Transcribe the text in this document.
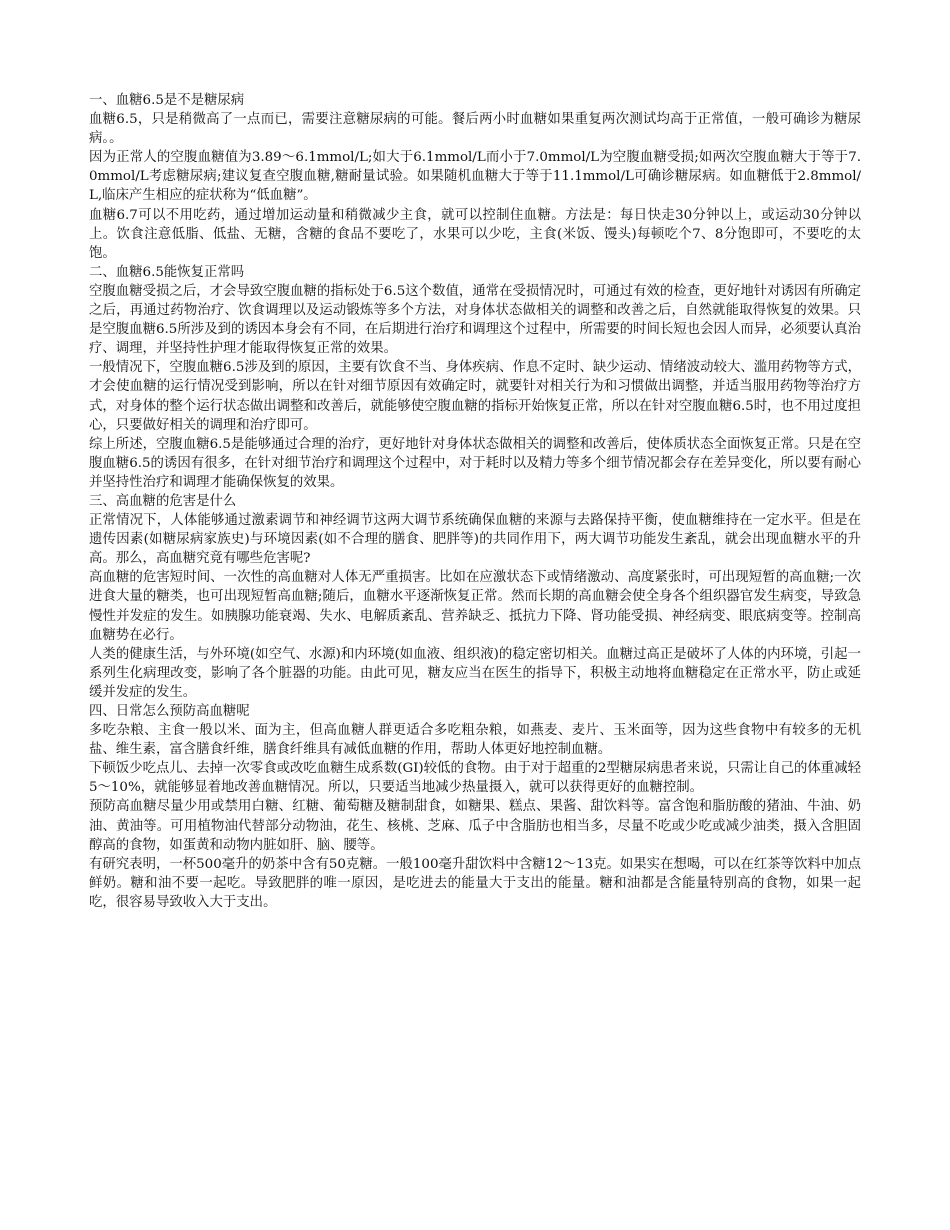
一、血糖6.5是不是糖尿病

血糖6.5，只是稍微高了一点而已，需要注意糖尿病的可能。餐后两小时血糖如果重复两次测试均高于正常值，一般可确诊为糖尿病。。

因为正常人的空腹血糖值为3.89～6.1mmol/L;如大于6.1mmol/L而小于7.0mmol/L为空腹血糖受损;如两次空腹血糖大于等于7.0mmol/L考虑糖尿病;建议复查空腹血糖,糖耐量试验。如果随机血糖大于等于11.1mmol/L可确诊糖尿病。如血糖低于2.8mmol/L,临床产生相应的症状称为“低血糖”。

血糖6.7可以不用吃药，通过增加运动量和稍微减少主食，就可以控制住血糖。方法是：每日快走30分钟以上，或运动30分钟以上。饮食注意低脂、低盐、无糖，含糖的食品不要吃了，水果可以少吃，主食(米饭、馒头)每顿吃个7、8分饱即可，不要吃的太饱。

二、血糖6.5能恢复正常吗

空腹血糖受损之后，才会导致空腹血糖的指标处于6.5这个数值，通常在受损情况时，可通过有效的检查，更好地针对诱因有所确定之后，再通过药物治疗、饮食调理以及运动锻炼等多个方法，对身体状态做相关的调整和改善之后，自然就能取得恢复的效果。只是空腹血糖6.5所涉及到的诱因本身会有不同，在后期进行治疗和调理这个过程中，所需要的时间长短也会因人而异，必须要认真治疗、调理，并坚持性护理才能取得恢复正常的效果。

一般情况下，空腹血糖6.5涉及到的原因，主要有饮食不当、身体疾病、作息不定时、缺少运动、情绪波动较大、滥用药物等方式，才会使血糖的运行情况受到影响，所以在针对细节原因有效确定时，就要针对相关行为和习惯做出调整，并适当服用药物等治疗方式，对身体的整个运行状态做出调整和改善后，就能够使空腹血糖的指标开始恢复正常，所以在针对空腹血糖6.5时，也不用过度担心，只要做好相关的调理和治疗即可。

综上所述，空腹血糖6.5是能够通过合理的治疗，更好地针对身体状态做相关的调整和改善后，使体质状态全面恢复正常。只是在空腹血糖6.5的诱因有很多，在针对细节治疗和调理这个过程中，对于耗时以及精力等多个细节情况都会存在差异变化，所以要有耐心并坚持性治疗和调理才能确保恢复的效果。

三、高血糖的危害是什么

正常情况下，人体能够通过激素调节和神经调节这两大调节系统确保血糖的来源与去路保持平衡，使血糖维持在一定水平。但是在遗传因素(如糖尿病家族史)与环境因素(如不合理的膳食、肥胖等)的共同作用下，两大调节功能发生紊乱，就会出现血糖水平的升高。那么，高血糖究竟有哪些危害呢?

高血糖的危害短时间、一次性的高血糖对人体无严重损害。比如在应激状态下或情绪激动、高度紧张时，可出现短暂的高血糖;一次进食大量的糖类，也可出现短暂高血糖;随后，血糖水平逐渐恢复正常。然而长期的高血糖会使全身各个组织器官发生病变，导致急慢性并发症的发生。如胰腺功能衰竭、失水、电解质紊乱、营养缺乏、抵抗力下降、肾功能受损、神经病变、眼底病变等。控制高血糖势在必行。

人类的健康生活，与外环境(如空气、水源)和内环境(如血液、组织液)的稳定密切相关。血糖过高正是破坏了人体的内环境，引起一系列生化病理改变，影响了各个脏器的功能。由此可见，糖友应当在医生的指导下，积极主动地将血糖稳定在正常水平，防止或延缓并发症的发生。

四、日常怎么预防高血糖呢

多吃杂粮、主食一般以米、面为主，但高血糖人群更适合多吃粗杂粮，如燕麦、麦片、玉米面等，因为这些食物中有较多的无机盐、维生素，富含膳食纤维，膳食纤维具有减低血糖的作用，帮助人体更好地控制血糖。

下顿饭少吃点儿、去掉一次零食或改吃血糖生成系数(GI)较低的食物。由于对于超重的2型糖尿病患者来说，只需让自己的体重减轻5～10%，就能够显着地改善血糖情况。所以，只要适当地减少热量摄入，就可以获得更好的血糖控制。

预防高血糖尽量少用或禁用白糖、红糖、葡萄糖及糖制甜食，如糖果、糕点、果酱、甜饮料等。富含饱和脂肪酸的猪油、牛油、奶油、黄油等。可用植物油代替部分动物油，花生、核桃、芝麻、瓜子中含脂肪也相当多，尽量不吃或少吃或减少油类，摄入含胆固醇高的食物，如蛋黄和动物内脏如肝、脑、腰等。

有研究表明，一杯500毫升的奶茶中含有50克糖。一般100毫升甜饮料中含糖12～13克。如果实在想喝，可以在红茶等饮料中加点鲜奶。糖和油不要一起吃。导致肥胖的唯一原因，是吃进去的能量大于支出的能量。糖和油都是含能量特别高的食物，如果一起吃，很容易导致收入大于支出。
